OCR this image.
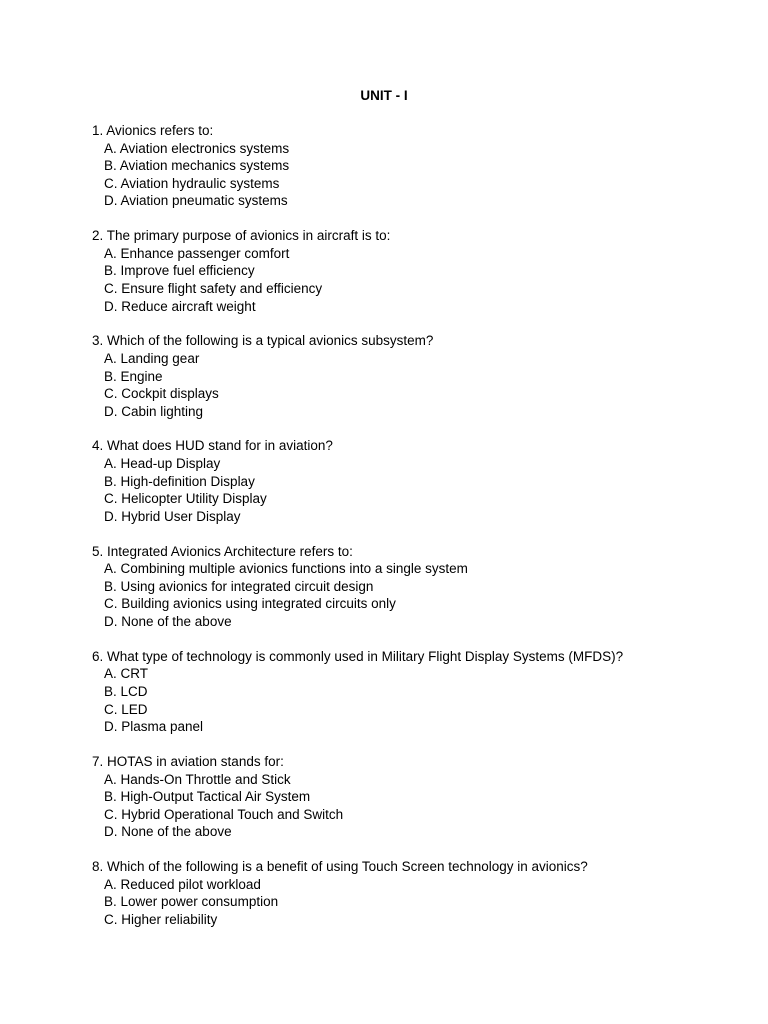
UNIT - I
1. Avionics refers to:
A. Aviation electronics systems
B. Aviation mechanics systems
C. Aviation hydraulic systems
D. Aviation pneumatic systems
2. The primary purpose of avionics in aircraft is to:
A. Enhance passenger comfort
B. Improve fuel efficiency
C. Ensure flight safety and efficiency
D. Reduce aircraft weight
3. Which of the following is a typical avionics subsystem?
A. Landing gear
B. Engine
C. Cockpit displays
D. Cabin lighting
4. What does HUD stand for in aviation?
A. Head-up Display
B. High-definition Display
C. Helicopter Utility Display
D. Hybrid User Display
5. Integrated Avionics Architecture refers to:
A. Combining multiple avionics functions into a single system
B. Using avionics for integrated circuit design
C. Building avionics using integrated circuits only
D. None of the above
6. What type of technology is commonly used in Military Flight Display Systems (MFDS)?
A. CRT
B. LCD
C. LED
D. Plasma panel
7. HOTAS in aviation stands for:
A. Hands-On Throttle and Stick
B. High-Output Tactical Air System
C. Hybrid Operational Touch and Switch
D. None of the above
8. Which of the following is a benefit of using Touch Screen technology in avionics?
A. Reduced pilot workload
B. Lower power consumption
C. Higher reliability
